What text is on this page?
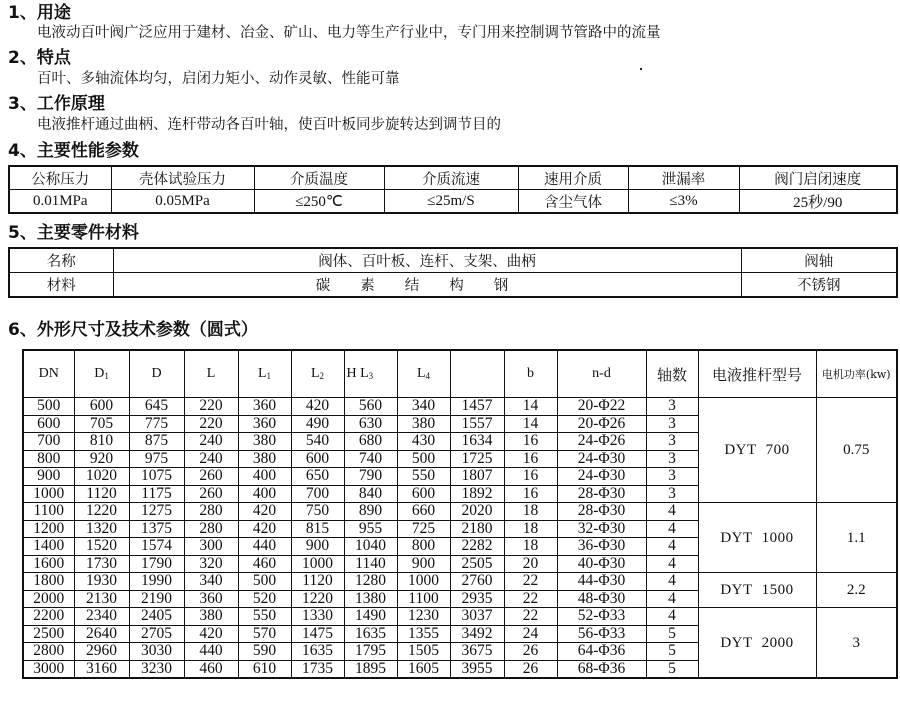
1、用途
电液动百叶阀广泛应用于建材、冶金、矿山、电力等生产行业中，专门用来控制调节管路中的流量
2、特点
百叶、多轴流体均匀，启闭力矩小、动作灵敏、性能可靠
3、工作原理
电液推杆通过曲柄、连杆带动各百叶轴，使百叶板同步旋转达到调节目的
4、主要性能参数
公称压力	壳体试验压力	介质温度	介质流速	速用介质	泄漏率	阀门启闭速度
0.01MPa	0.05MPa	≤250℃	≤25m/S	含尘气体	≤3%	25秒/90
5、主要零件材料
名称	阀体、百叶板、连杆、支架、曲柄	阀轴
材料	碳素结构钢	不锈钢
6、外形尺寸及技术参数（圆式）
DN	$D_1$	D	L	$L_1$	$L_2$	H $L_3$	$L_4$		b	n-d	轴数	电液推杆型号	电机功率(kw)
500	600	645	220	360	420	560	340	1457	14	20-Φ22	3	DYT 700	0.75
600	705	775	220	360	490	630	380	1557	14	20-Φ26	3		
700	810	875	240	380	540	680	430	1634	16	24-Φ26	3		
800	920	975	240	380	600	740	500	1725	16	24-Φ30	3		
900	1020	1075	260	400	650	790	550	1807	16	24-Φ30	3		
1000	1120	1175	260	400	700	840	600	1892	16	28-Φ30	3		
1100	1220	1275	280	420	750	890	660	2020	18	28-Φ30	4	DYT 1000	1.1
1200	1320	1375	280	420	815	955	725	2180	18	32-Φ30	4		
1400	1520	1574	300	440	900	1040	800	2282	18	36-Φ30	4		
1600	1730	1790	320	460	1000	1140	900	2505	20	40-Φ30	4		
1800	1930	1990	340	500	1120	1280	1000	2760	22	44-Φ30	4	DYT 1500	2.2
2000	2130	2190	360	520	1220	1380	1100	2935	22	48-Φ30	4		
2200	2340	2405	380	550	1330	1490	1230	3037	22	52-Φ33	4	DYT 2000	3
2500	2640	2705	420	570	1475	1635	1355	3492	24	56-Φ33	5		
2800	2960	3030	440	590	1635	1795	1505	3675	26	64-Φ36	5		
3000	3160	3230	460	610	1735	1895	1605	3955	26	68-Φ36	5		
